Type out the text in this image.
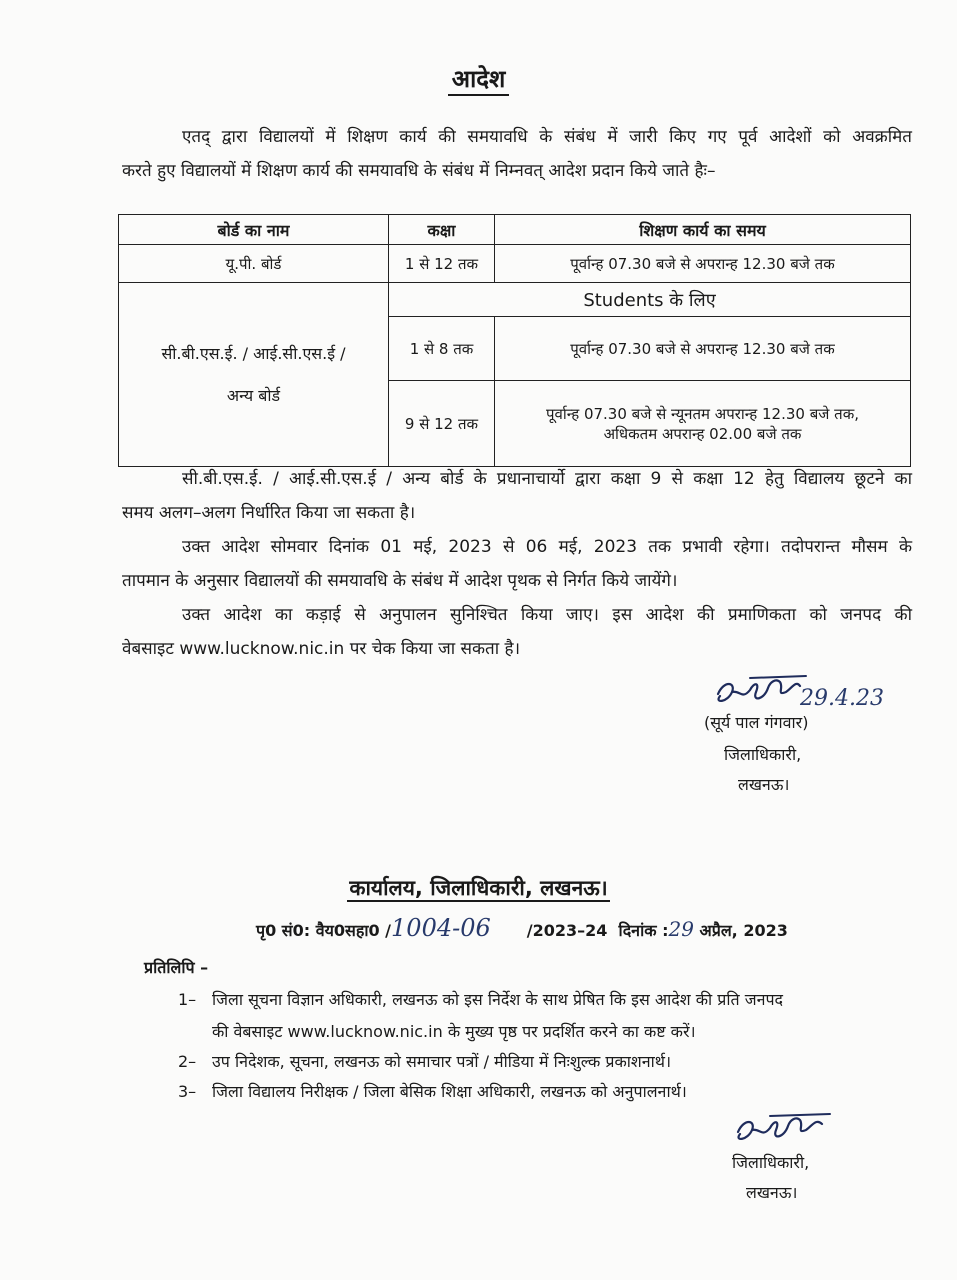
आदेश
एतद् द्वारा विद्यालयों में शिक्षण कार्य की समयावधि के संबंध में जारी किए गए पूर्व आदेशों को अवक्रमित
करते हुए विद्यालयों में शिक्षण कार्य की समयावधि के संबंध में निम्नवत् आदेश प्रदान किये जाते हैः–
बोर्ड का नाम	कक्षा	शिक्षण कार्य का समय
यू.पी. बोर्ड	1 से 12 तक	पूर्वान्ह 07.30 बजे से अपरान्ह 12.30 बजे तक

सी.बी.एस.ई. / आई.सी.एस.ई /
अन्य बोर्ड	Students के लिए	
	1 से 8 तक	पूर्वान्ह 07.30 बजे से अपरान्ह 12.30 बजे तक
	9 से 12 तक	पूर्वान्ह 07.30 बजे से न्यूनतम अपरान्ह 12.30 बजे तक,
अधिकतम अपरान्ह 02.00 बजे तक
सी.बी.एस.ई. / आई.सी.एस.ई / अन्य बोर्ड के प्रधानाचार्यो द्वारा कक्षा 9 से कक्षा 12 हेतु विद्यालय छूटने का
समय अलग–अलग निर्धारित किया जा सकता है।
उक्त आदेश सोमवार दिनांक 01 मई, 2023 से 06 मई, 2023 तक प्रभावी रहेगा। तदोपरान्त मौसम के
तापमान के अनुसार विद्यालयों की समयावधि के संबंध में आदेश पृथक से निर्गत किये जायेंगे।
उक्त आदेश का कड़ाई से अनुपालन सुनिश्चित किया जाए। इस आदेश की प्रमाणिकता को जनपद की
वेबसाइट www.lucknow.nic.in पर चेक किया जा सकता है।
29.4.23
(सूर्य पाल गंगवार)
जिलाधिकारी,
लखनऊ।
कार्यालय, जिलाधिकारी, लखनऊ।
पृ0 सं0: वैय0सहा0 /1004-06 /2023–24 दिनांक :29 अप्रैल, 2023
प्रतिलिपि –
1– जिला सूचना विज्ञान अधिकारी, लखनऊ को इस निर्देश के साथ प्रेषित कि इस आदेश की प्रति जनपद
की वेबसाइट www.lucknow.nic.in के मुख्य पृष्ठ पर प्रदर्शित करने का कष्ट करें।
2– उप निदेशक, सूचना, लखनऊ को समाचार पत्रों / मीडिया में निःशुल्क प्रकाशनार्थ।
3– जिला विद्यालय निरीक्षक / जिला बेसिक शिक्षा अधिकारी, लखनऊ को अनुपालनार्थ।
जिलाधिकारी,
लखनऊ।
